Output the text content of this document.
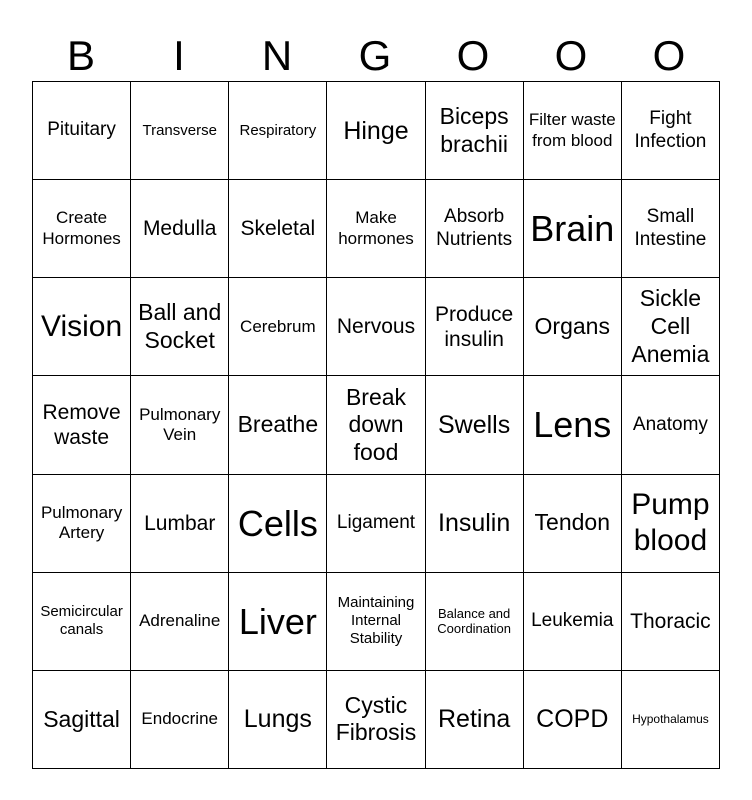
B	I	N	G	O	O	O
Pituitary	Transverse	Respiratory	Hinge	Biceps brachii	Filter waste from blood	Fight Infection
Create Hormones	Medulla	Skeletal	Make hormones	Absorb Nutrients	Brain	Small Intestine
Vision	Ball and Socket	Cerebrum	Nervous	Produce insulin	Organs	Sickle Cell Anemia
Remove waste	Pulmonary Vein	Breathe	Break down food	Swells	Lens	Anatomy
Pulmonary Artery	Lumbar	Cells	Ligament	Insulin	Tendon	Pump blood
Semicircular canals	Adrenaline	Liver	Maintaining Internal Stability	Balance and Coordination	Leukemia	Thoracic
Sagittal	Endocrine	Lungs	Cystic Fibrosis	Retina	COPD	Hypothalamus
